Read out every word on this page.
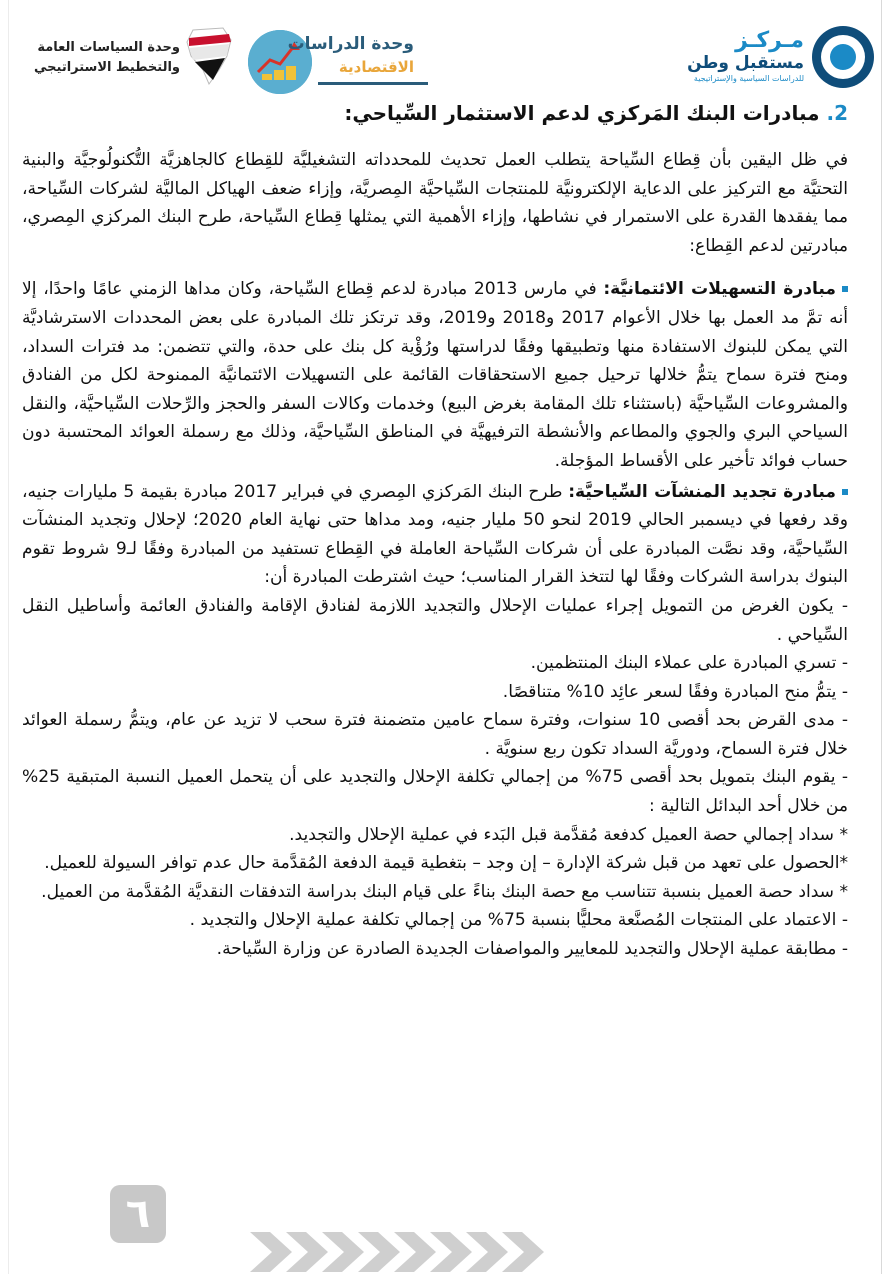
مـركـز
مستقبل وطن
للدراسات السياسية والإستراتيجية
وحدة الدراسات
الاقتصادية
وحدة السياسات العامة
والتخطيط الاستراتيجي
2. مبادرات البنك المَركزي لدعم الاستثمار السِّياحي:

في ظل اليقين بأن قِطاع السِّياحة يتطلب العمل تحديث للمحدداته التشغيليَّة للقِطاع كالجاهزيَّة التُّكنولُوجيَّة والبنية التحتيَّة مع التركيز على الدعاية الإلكترونيَّة للمنتجات السِّياحيَّة المِصريَّة، وإزاء ضعف الهياكل الماليَّة لشركات السِّياحة، مما يفقدها القدرة على الاستمرار في نشاطها، وإزاء الأهمية التي يمثلها قِطاع السِّياحة، طرح البنك المركزي المِصري، مبادرتين لدعم القِطاع:

مبادرة التسهيلات الائتمانيَّة: في مارس 2013 مبادرة لدعم قِطاع السِّياحة، وكان مداها الزمني عامًا واحدًا، إلا أنه تمَّ مد العمل بها خلال الأعوام 2017 و2018 و2019، وقد ترتكز تلك المبادرة على بعض المحددات الاسترشاديَّة التي يمكن للبنوك الاستفادة منها وتطبيقها وفقًا لدراستها ورُؤْية كل بنك على حدة، والتي تتضمن: مد فترات السداد، ومنح فترة سماح يتمُّ خلالها ترحيل جميع الاستحقاقات القائمة على التسهيلات الائتمانيَّة الممنوحة لكل من الفنادق والمشروعات السِّياحيَّة (باستثناء تلك المقامة بغرض البيع) وخدمات وكالات السفر والحجز والرِّحلات السِّياحيَّة، والنقل السياحي البري والجوي والمطاعم والأنشطة الترفيهيَّة في المناطق السِّياحيَّة، وذلك مع رسملة العوائد المحتسبة دون حساب فوائد تأخير على الأقساط المؤجلة.

مبادرة تجديد المنشآت السِّياحيَّة: طرح البنك المَركزي المِصري في فبراير 2017 مبادرة بقيمة 5 مليارات جنيه، وقد رفعها في ديسمبر الحالي 2019 لنحو 50 مليار جنيه، ومد مداها حتى نهاية العام 2020؛ لإحلال وتجديد المنشآت السِّياحيَّة، وقد نصَّت المبادرة على أن شركات السِّياحة العاملة في القِطاع تستفيد من المبادرة وفقًا لـ9 شروط تقوم البنوك بدراسة الشركات وفقًا لها لتتخذ القرار المناسب؛ حيث اشترطت المبادرة أن:

- يكون الغرض من التمويل إجراء عمليات الإحلال والتجديد اللازمة لفنادق الإقامة والفنادق العائمة وأساطيل النقل السِّياحي .

- تسري المبادرة على عملاء البنك المنتظمين.

- يتمُّ منح المبادرة وفقًا لسعر عائِد 10% متناقصًا.

- مدى القرض بحد أقصى 10 سنوات، وفترة سماح عامين متضمنة فترة سحب لا تزيد عن عام، ويتمُّ رسملة العوائد خلال فترة السماح، ودوريَّة السداد تكون ربع سنويَّة .

- يقوم البنك بتمويل بحد أقصى 75% من إجمالي تكلفة الإحلال والتجديد على أن يتحمل العميل النسبة المتبقية 25% من خلال أحد البدائل التالية :

* سداد إجمالي حصة العميل كدفعة مُقدَّمة قبل البَدء في عملية الإحلال والتجديد.

*الحصول على تعهد من قبل شركة الإدارة – إن وجد – بتغطية قيمة الدفعة المُقدَّمة حال عدم توافر السيولة للعميل.

* سداد حصة العميل بنسبة تتناسب مع حصة البنك بناءً على قيام البنك بدراسة التدفقات النقديَّة المُقدَّمة من العميل.

- الاعتماد على المنتجات المُصنَّعة محليًّا بنسبة 75% من إجمالي تكلفة عملية الإحلال والتجديد .

- مطابقة عملية الإحلال والتجديد للمعايير والمواصفات الجديدة الصادرة عن وزارة السِّياحة.

٦
